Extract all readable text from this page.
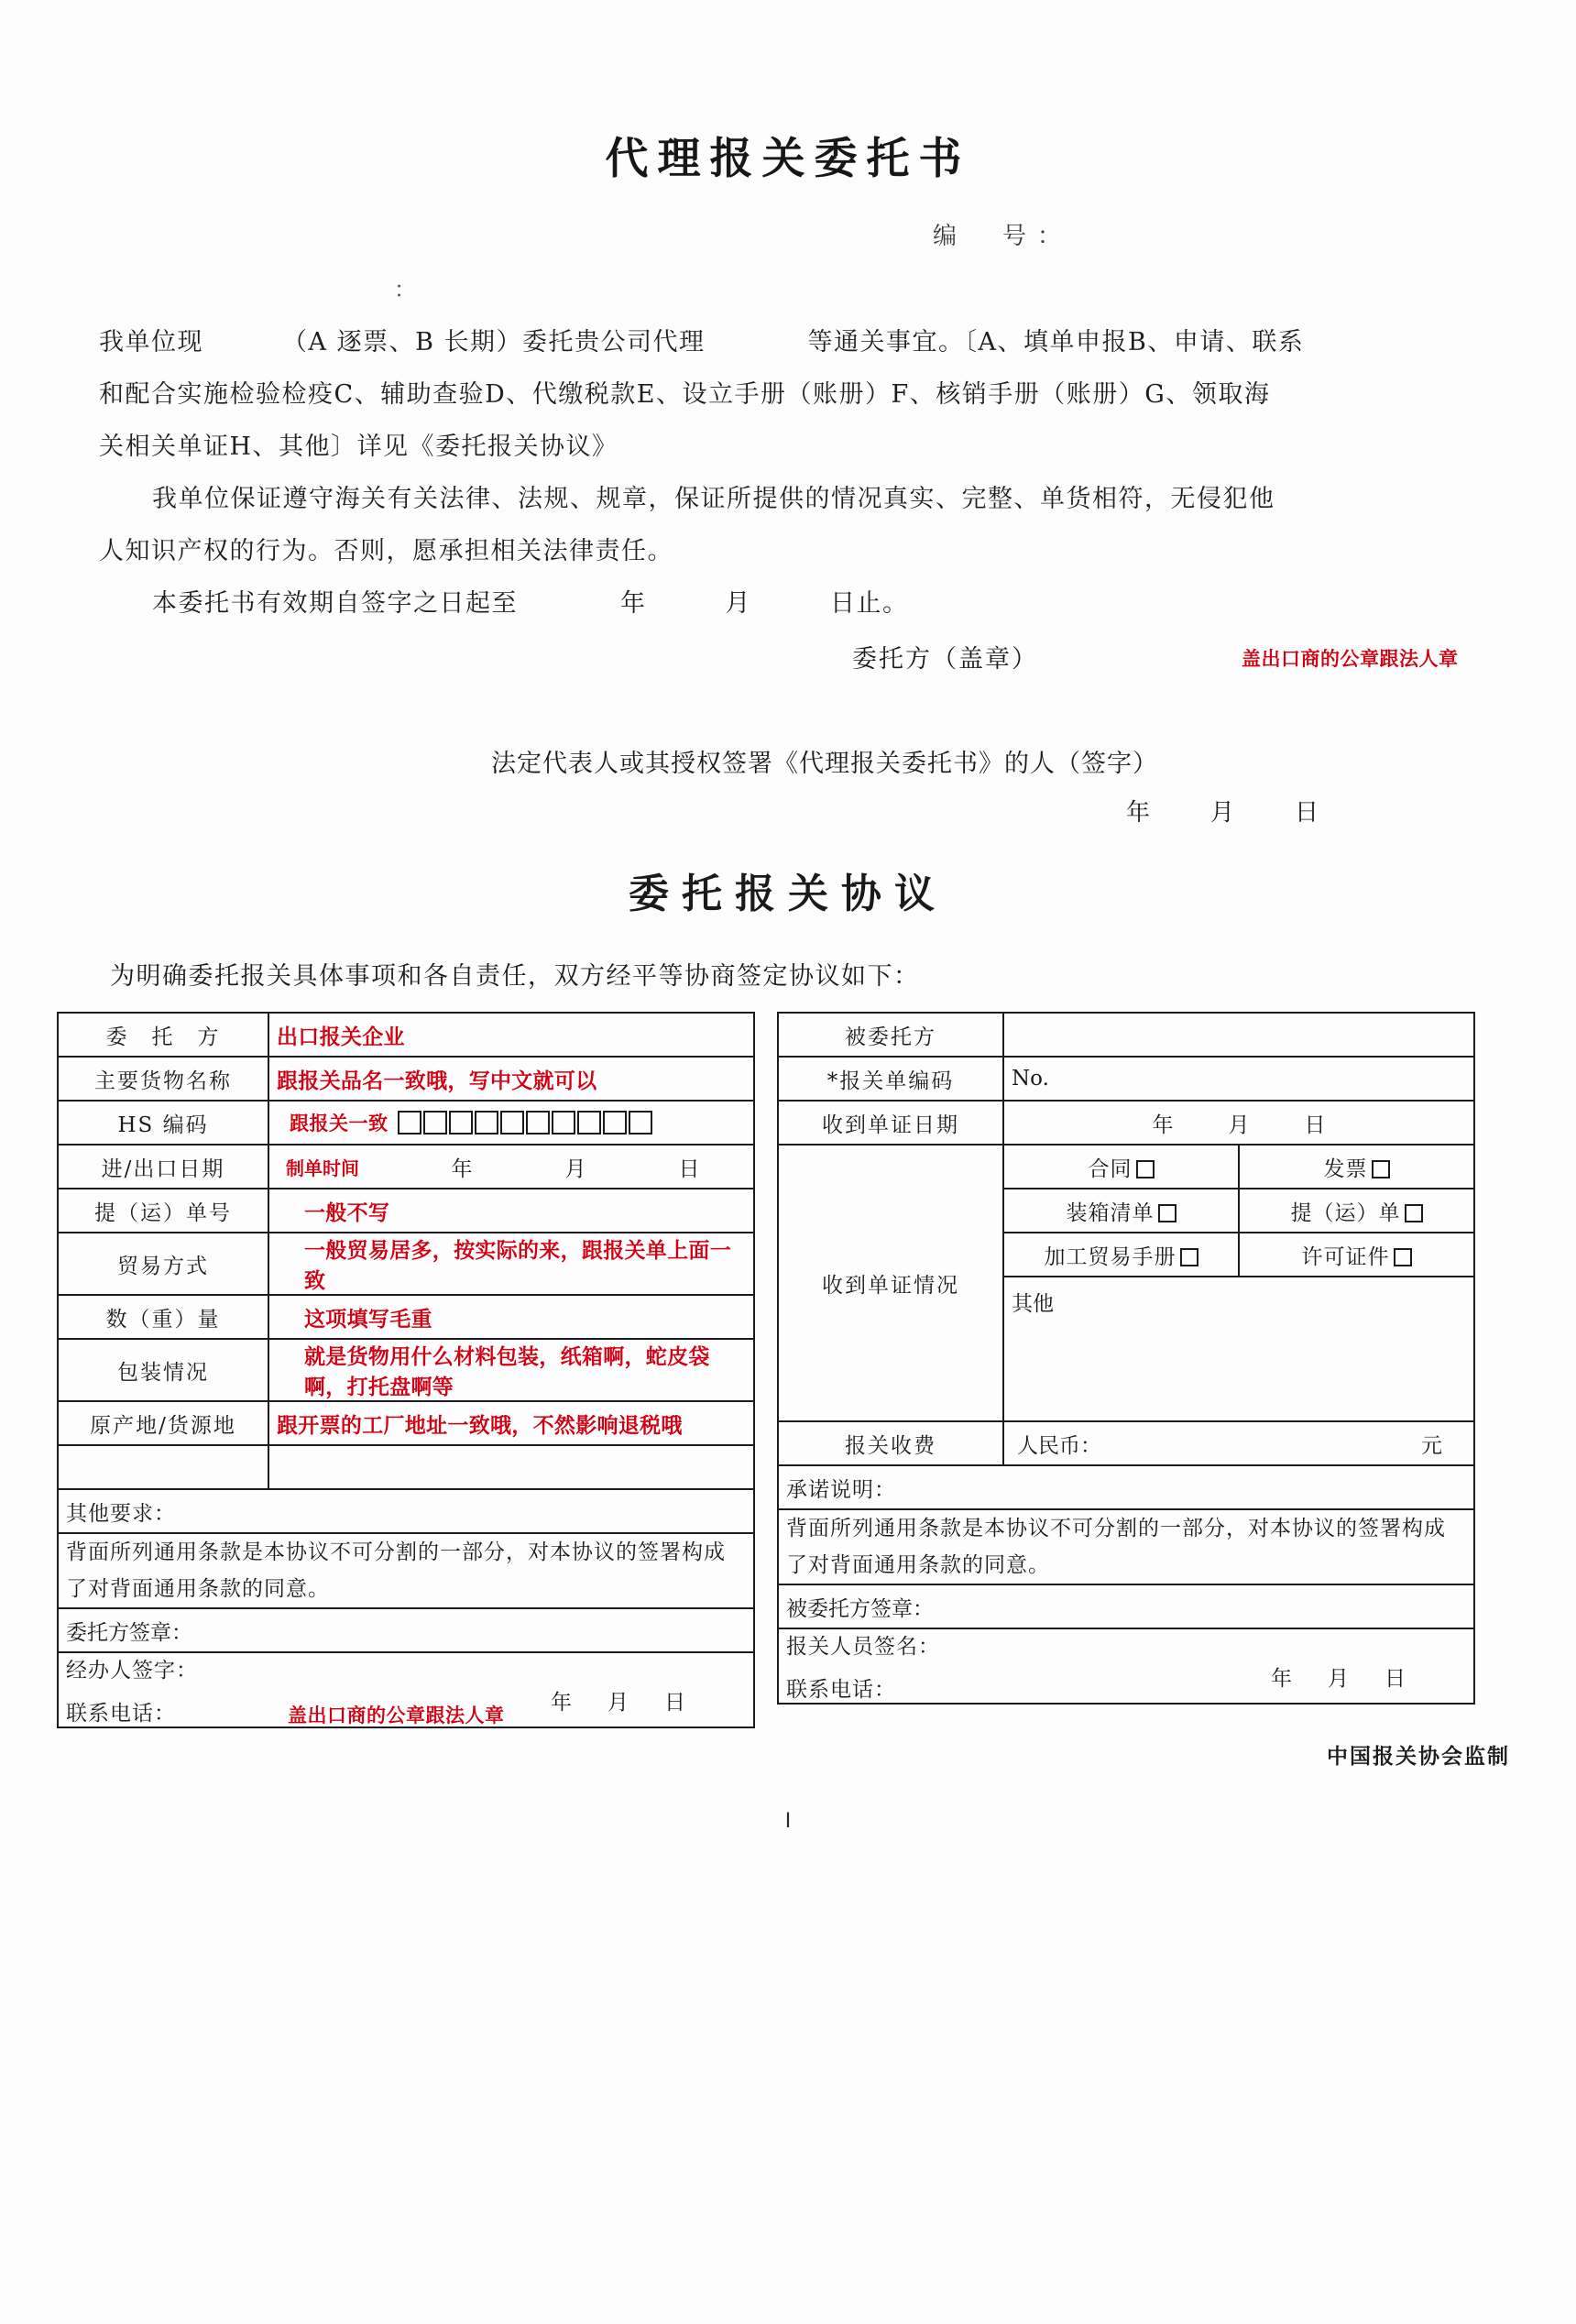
代理报关委托书
编　号：
：

我单位现	（A 逐票、B 长期）委托贵公司代理	等通关事宜。〔A、填单申报B、申请、联系

和配合实施检验检疫C、辅助查验D、代缴税款E、设立手册（账册）F、核销手册（账册）G、领取海

关相关单证H、其他〕详见《委托报关协议》

我单位保证遵守海关有关法律、法规、规章，保证所提供的情况真实、完整、单货相符，无侵犯他

人知识产权的行为。否则，愿承担相关法律责任。

本委托书有效期自签字之日起至	年	月	日止。

委托方（盖章）	盖出口商的公章跟法人章
法定代表人或其授权签署《代理报关委托书》的人（签字）
年	月	日
委托报关协议
为明确委托报关具体事项和各自责任，双方经平等协商签定协议如下：
委　托　方	出口报关企业
主要货物名称	跟报关品名一致哦，写中文就可以
HS 编码	跟报关一致

进/出口日期	制单时间 年 月 日

提（运）单号	一般不写
贸易方式	一般贸易居多，按实际的来，跟报关单上面一致
数（重）量	这项填写毛重
包装情况	就是货物用什么材料包装，纸箱啊，蛇皮袋啊，打托盘啊等
原产地/货源地	跟开票的工厂地址一致哦，不然影响退税哦

其他要求：	
背面所列通用条款是本协议不可分割的一部分，对本协议的签署构成了对背面通用条款的同意。	
委托方签章：
盖出口商的公章跟法人章	

经办人签字：
联系电话： 年 月 日	
被委托方		
*报关单编码	No.	
收到单证日期	年 月 日	

收到单证情况	合同	发票
	装箱清单	提（运）单
	加工贸易手册	许可证件
	其他	
报关收费	人民币： 元	

承诺说明：		
背面所列通用条款是本协议不可分割的一部分，对本协议的签署构成了对背面通用条款的同意。		
被委托方签章：		

报关人员签名：
联系电话： 年 月 日		
中国报关协会监制
I
